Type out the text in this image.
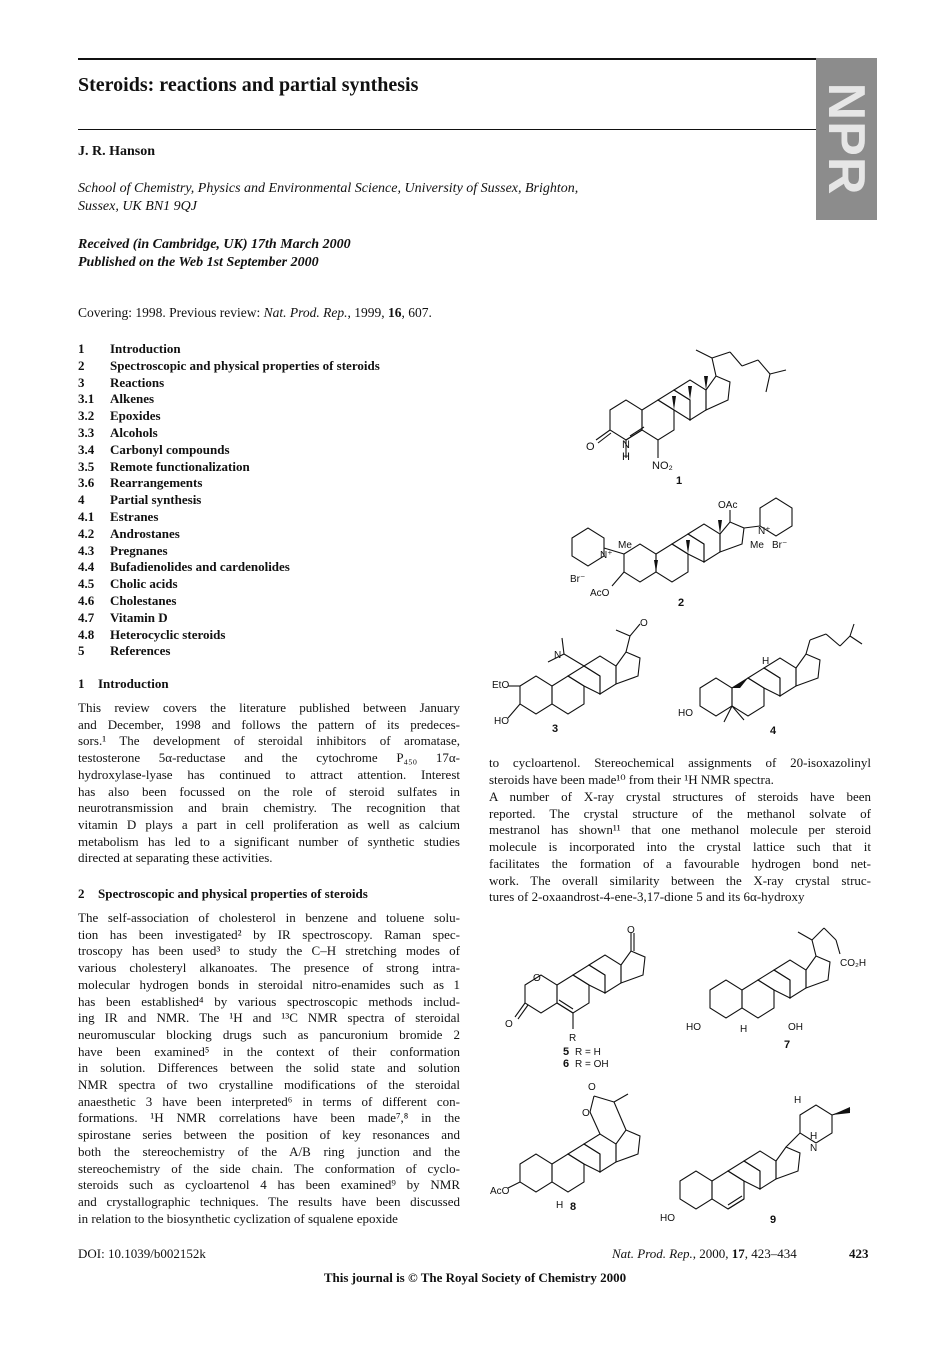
NPR
Steroids: reactions and partial synthesis
J. R. Hanson
School of Chemistry, Physics and Environmental Science, University of Sussex, Brighton,
Sussex, UK BN1 9QJ
Received (in Cambridge, UK) 17th March 2000
Published on the Web 1st September 2000
Covering: 1998. Previous review: Nat. Prod. Rep., 1999, 16, 607.
1	Introduction
2	Spectroscopic and physical properties of steroids
3	Reactions
3.1	Alkenes
3.2	Epoxides
3.3	Alcohols
3.4	Carbonyl compounds
3.5	Remote functionalization
3.6	Rearrangements
4	Partial synthesis
4.1	Estranes
4.2	Androstanes
4.3	Pregnanes
4.4	Bufadienolides and cardenolides
4.5	Cholic acids
4.6	Cholestanes
4.7	Vitamin D
4.8	Heterocyclic steroids
5	References
1 Introduction
This review covers the literature published between January
and December, 1998 and follows the pattern of its predeces-
sors.¹ The development of steroidal inhibitors of aromatase,
testosterone 5α-reductase and the cytochrome P₄₅₀ 17α-
hydroxylase-lyase has continued to attract attention. Interest
has also been focussed on the role of steroid sulfates in
neurotransmission and brain chemistry. The recognition that
vitamin D plays a part in cell proliferation as well as calcium
metabolism has led to a significant number of synthetic studies
directed at separating these activities.
2 Spectroscopic and physical properties of steroids
The self-association of cholesterol in benzene and toluene solu-
tion has been investigated² by IR spectroscopy. Raman spec-
troscopy has been used³ to study the C–H stretching modes of
various cholesteryl alkanoates. The presence of strong intra-
molecular hydrogen bonds in steroidal nitro-enamides such as 1
has been established⁴ by various spectroscopic methods includ-
ing IR and NMR. The ¹H and ¹³C NMR spectra of steroidal
neuromuscular blocking drugs such as pancuronium bromide 2
have been examined⁵ in the context of their conformation
in solution. Differences between the solid state and solution
NMR spectra of two crystalline modifications of the steroidal
anaesthetic 3 have been interpreted⁶ in terms of different con-
formations. ¹H NMR correlations have been made⁷,⁸ in the
spirostane series between the position of key resonances and
both the stereochemistry of the A/B ring junction and the
stereochemistry of the side chain. The conformation of cyclo-
steroids such as cycloartenol 4 has been examined⁹ by NMR
and crystallographic techniques. The results have been discussed
in relation to the biosynthetic cyclization of squalene epoxide
to cycloartenol. Stereochemical assignments of 20-isoxazolinyl
steroids have been made¹⁰ from their ¹H NMR spectra.
A number of X-ray crystal structures of steroids have been
reported. The crystal structure of the methanol solvate of
mestranol has shown¹¹ that one methanol molecule per steroid
molecule is incorporated into the crystal lattice such that it
facilitates the formation of a favourable hydrogen bond net-
work. The overall similarity between the X-ray crystal struc-
tures of 2-oxaandrost-4-ene-3,17-dione 5 and its 6α-hydroxy
O N
H
NO₂
1
OAc
N⁺
Me
Br⁻
N⁺
Me Br⁻
AcO
2
N
O
EtO
HO
3
H
HO
4
O
O
O
R
5 R = H
6 R = OH
CO₂H
HO	OH
H
7
O
O
AcO
H 8
H
H
N
HO	9
DOI: 10.1039/b002152k	Nat. Prod. Rep., 2000, 17, 423–434	423
This journal is © The Royal Society of Chemistry 2000
